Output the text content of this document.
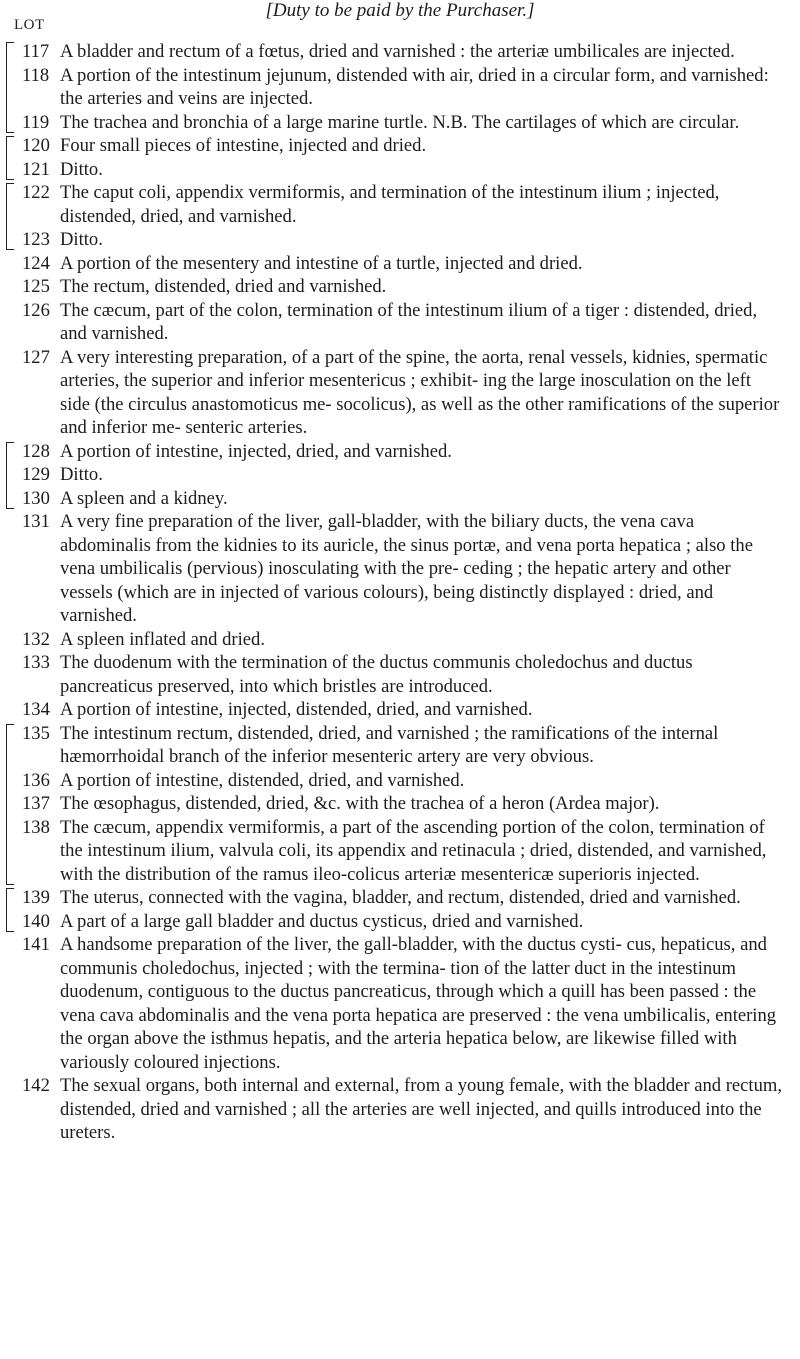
[Duty to be paid by the Purchaser.]
LOT
117 A bladder and rectum of a fœtus, dried and varnished : the arteriæ umbilicales are injected.
118 A portion of the intestinum jejunum, distended with air, dried in a circular form, and varnished: the arteries and veins are injected.
119 The trachea and bronchia of a large marine turtle. N.B. The cartilages of which are circular.
120 Four small pieces of intestine, injected and dried.
121 Ditto.
122 The caput coli, appendix vermiformis, and termination of the intestinum ilium ; injected, distended, dried, and varnished.
123 Ditto.
124 A portion of the mesentery and intestine of a turtle, injected and dried.
125 The rectum, distended, dried and varnished.
126 The cæcum, part of the colon, termination of the intestinum ilium of a tiger : distended, dried, and varnished.
127 A very interesting preparation, of a part of the spine, the aorta, renal vessels, kidnies, spermatic arteries, the superior and inferior mesentericus ; exhibit- ing the large inosculation on the left side (the circulus anastomoticus me- socolicus), as well as the other ramifications of the superior and inferior me- senteric arteries.
128 A portion of intestine, injected, dried, and varnished.
129 Ditto.
130 A spleen and a kidney.
131 A very fine preparation of the liver, gall-bladder, with the biliary ducts, the vena cava abdominalis from the kidnies to its auricle, the sinus portæ, and vena porta hepatica ; also the vena umbilicalis (pervious) inosculating with the pre- ceding ; the hepatic artery and other vessels (which are in injected of various colours), being distinctly displayed : dried, and varnished.
132 A spleen inflated and dried.
133 The duodenum with the termination of the ductus communis choledochus and ductus pancreaticus preserved, into which bristles are introduced.
134 A portion of intestine, injected, distended, dried, and varnished.
135 The intestinum rectum, distended, dried, and varnished ; the ramifications of the internal hæmorrhoidal branch of the inferior mesenteric artery are very obvious.
136 A portion of intestine, distended, dried, and varnished.
137 The œsophagus, distended, dried, &c. with the trachea of a heron (Ardea major).
138 The cæcum, appendix vermiformis, a part of the ascending portion of the colon, termination of the intestinum ilium, valvula coli, its appendix and retinacula ; dried, distended, and varnished, with the distribution of the ramus ileo-colicus arteriæ mesentericæ superioris injected.
139 The uterus, connected with the vagina, bladder, and rectum, distended, dried and varnished.
140 A part of a large gall bladder and ductus cysticus, dried and varnished.
141 A handsome preparation of the liver, the gall-bladder, with the ductus cysti- cus, hepaticus, and communis choledochus, injected ; with the termina- tion of the latter duct in the intestinum duodenum, contiguous to the ductus pancreaticus, through which a quill has been passed : the vena cava abdominalis and the vena porta hepatica are preserved : the vena umbilicalis, entering the organ above the isthmus hepatis, and the arteria hepatica below, are likewise filled with variously coloured injections.
142 The sexual organs, both internal and external, from a young female, with the bladder and rectum, distended, dried and varnished ; all the arteries are well injected, and quills introduced into the ureters.
